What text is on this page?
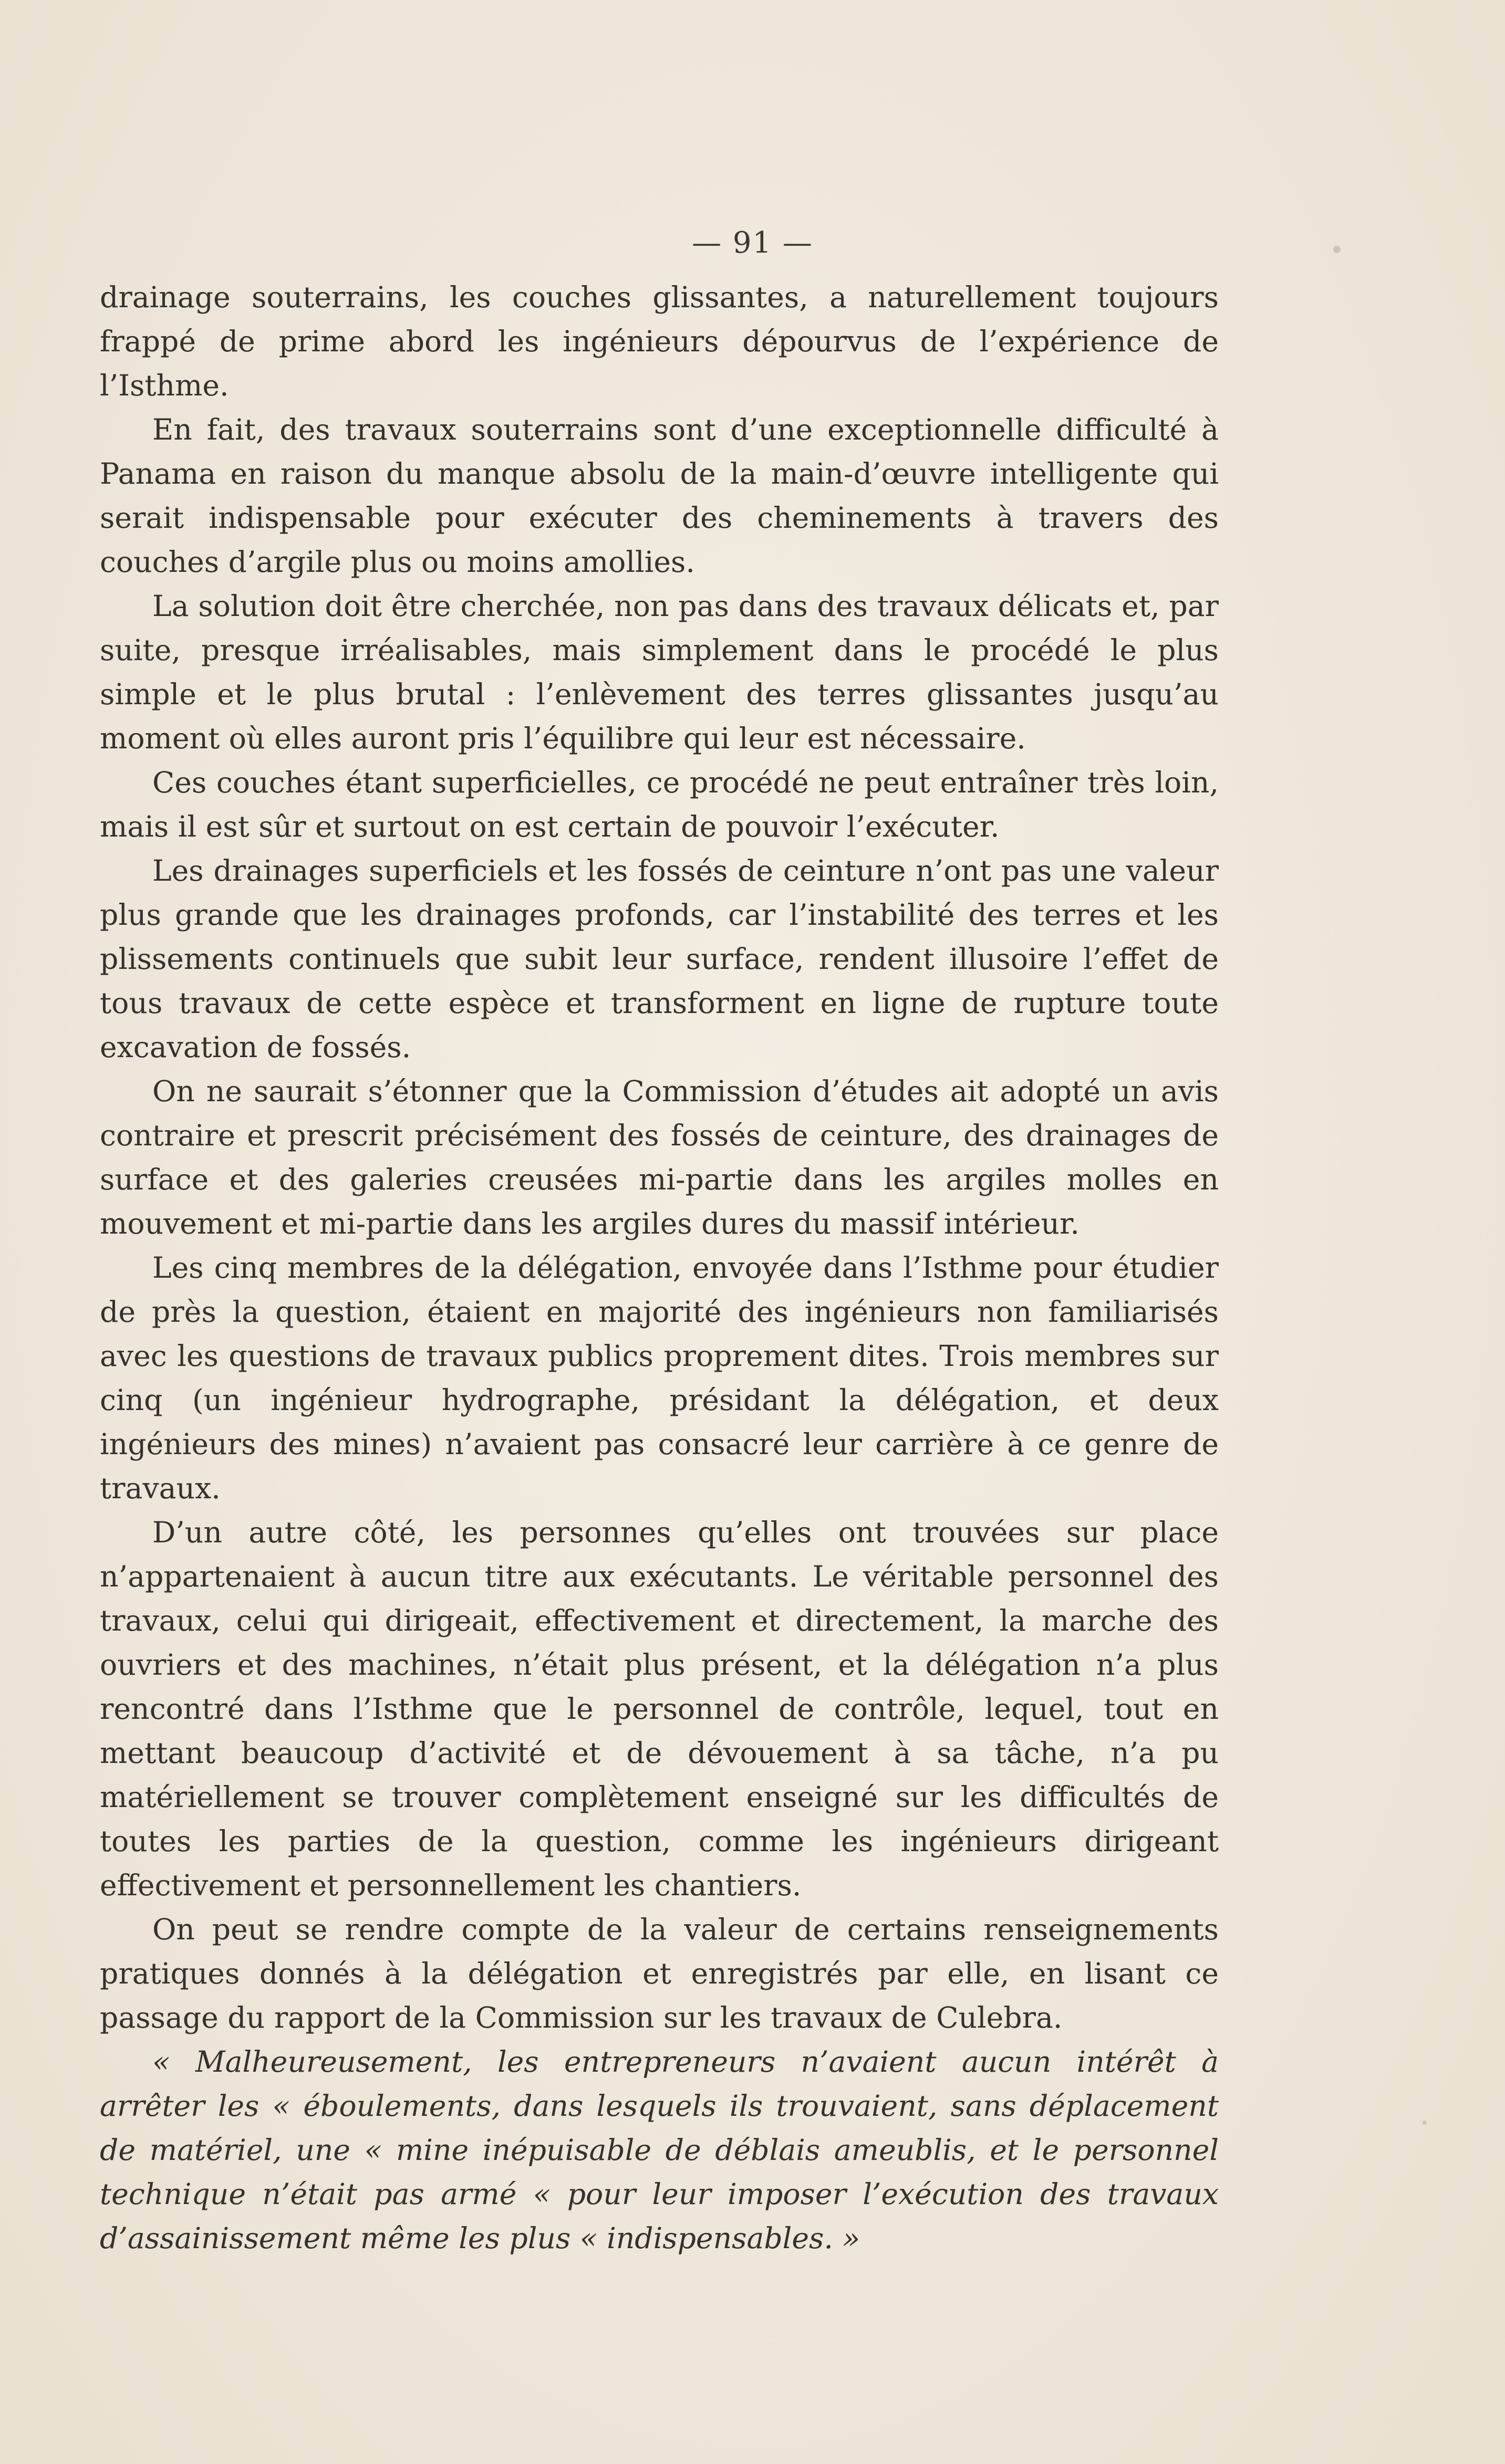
— 91 —

drainage souterrains, les couches glissantes, a naturellement toujours frappé de prime abord les ingénieurs dépourvus de l’expérience de l’Isthme.

En fait, des travaux souterrains sont d’une exceptionnelle difficulté à Panama en raison du manque absolu de la main-d’œuvre intelligente qui serait indispensable pour exécuter des cheminements à travers des couches d’argile plus ou moins amollies.

La solution doit être cherchée, non pas dans des travaux délicats et, par suite, presque irréalisables, mais simplement dans le procédé le plus simple et le plus brutal : l’enlèvement des terres glissantes jusqu’au moment où elles auront pris l’équilibre qui leur est nécessaire.

Ces couches étant superficielles, ce procédé ne peut entraîner très loin, mais il est sûr et surtout on est certain de pouvoir l’exécuter.

Les drainages superficiels et les fossés de ceinture n’ont pas une valeur plus grande que les drainages profonds, car l’instabilité des terres et les plissements continuels que subit leur surface, rendent illusoire l’effet de tous travaux de cette espèce et transforment en ligne de rupture toute excavation de fossés.

On ne saurait s’étonner que la Commission d’études ait adopté un avis contraire et prescrit précisément des fossés de ceinture, des drainages de surface et des galeries creusées mi-partie dans les argiles molles en mouvement et mi-partie dans les argiles dures du massif intérieur.

Les cinq membres de la délégation, envoyée dans l’Isthme pour étudier de près la question, étaient en majorité des ingénieurs non familiarisés avec les questions de travaux publics proprement dites. Trois membres sur cinq (un ingénieur hydrographe, présidant la délégation, et deux ingénieurs des mines) n’avaient pas consacré leur carrière à ce genre de travaux.

D’un autre côté, les personnes qu’elles ont trouvées sur place n’appartenaient à aucun titre aux exécutants. Le véritable personnel des travaux, celui qui dirigeait, effectivement et directement, la marche des ouvriers et des machines, n’était plus présent, et la délégation n’a plus rencontré dans l’Isthme que le personnel de contrôle, lequel, tout en mettant beaucoup d’activité et de dévouement à sa tâche, n’a pu matériellement se trouver complètement enseigné sur les difficultés de toutes les parties de la question, comme les ingénieurs dirigeant effectivement et personnellement les chantiers.

On peut se rendre compte de la valeur de certains renseignements pratiques donnés à la délégation et enregistrés par elle, en lisant ce passage du rapport de la Commission sur les travaux de Culebra.

« Malheureusement, les entrepreneurs n’avaient aucun intérêt à arrêter les « éboulements, dans lesquels ils trouvaient, sans déplacement de matériel, une « mine inépuisable de déblais ameublis, et le personnel technique n’était pas armé « pour leur imposer l’exécution des travaux d’assainissement même les plus « indispensables. »
